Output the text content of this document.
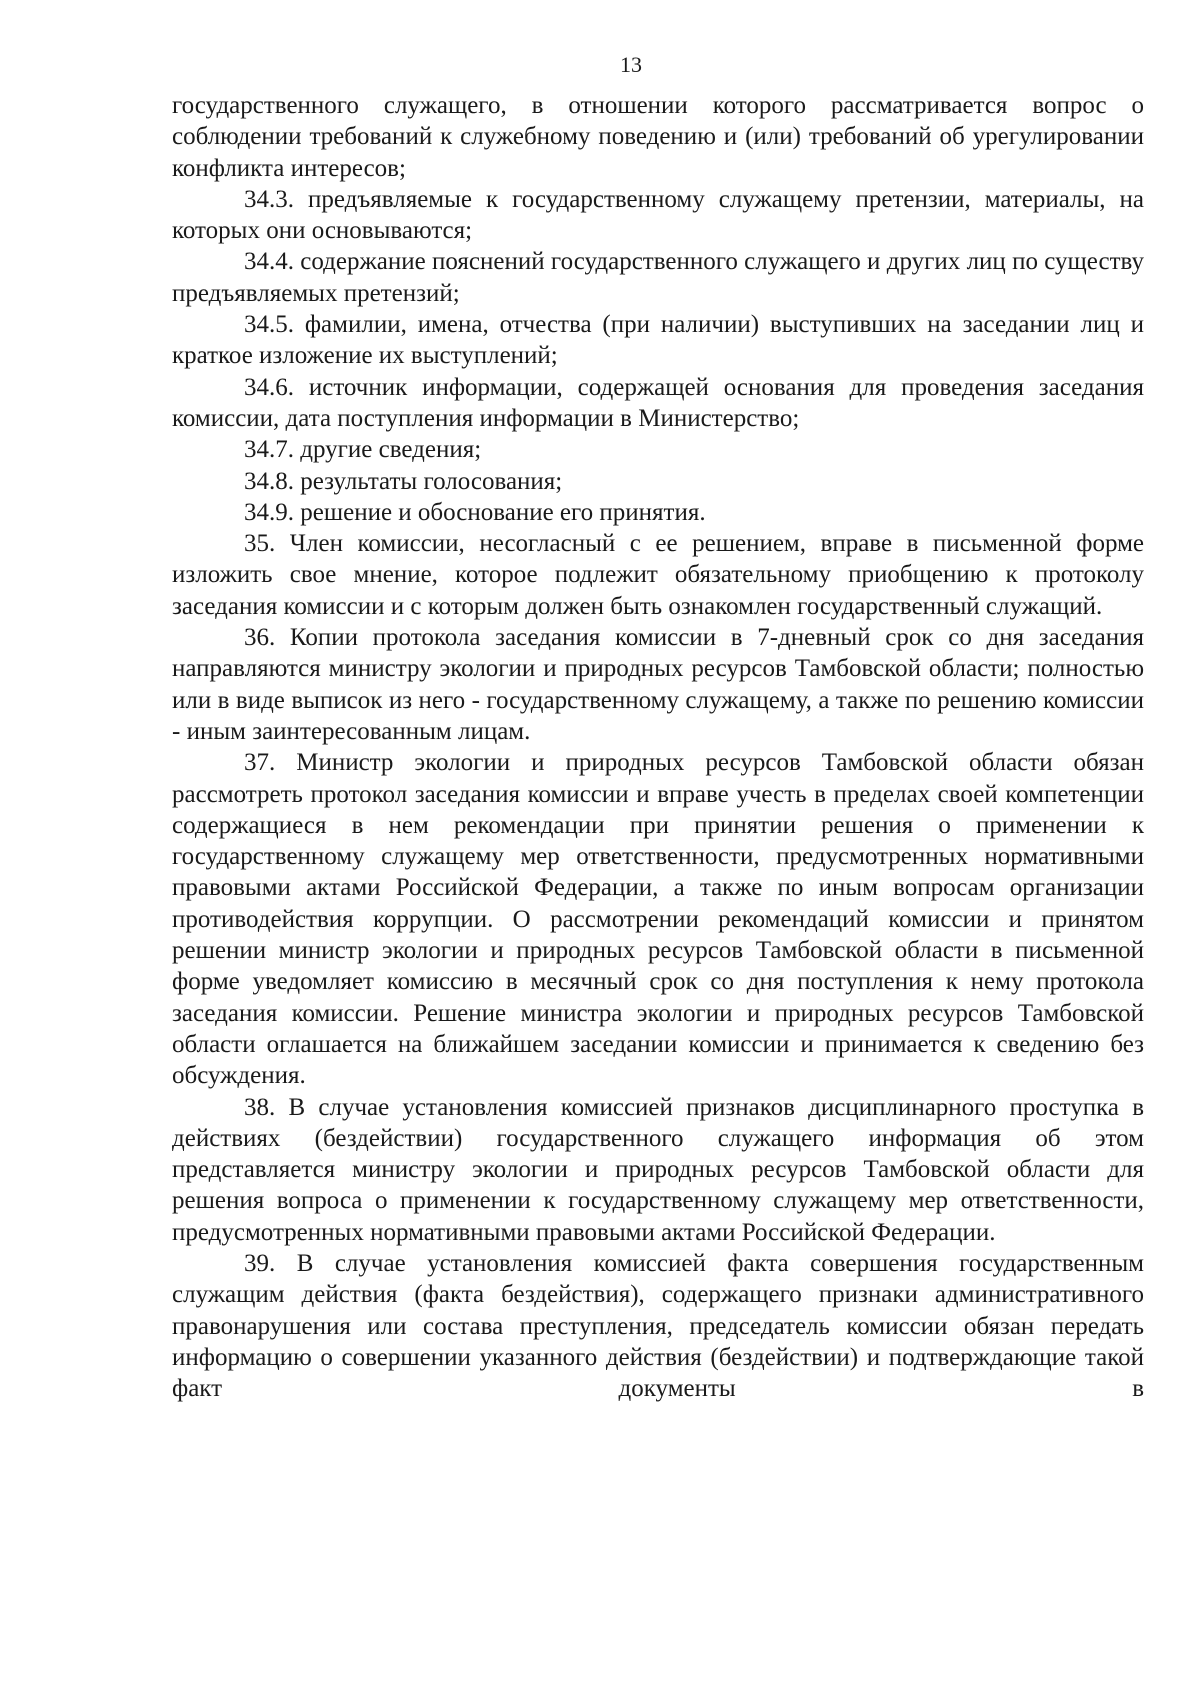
13

государственного служащего, в отношении которого рассматривается вопрос о соблюдении требований к служебному поведению и (или) требований об урегулировании конфликта интересов;

34.3. предъявляемые к государственному служащему претензии, материалы, на которых они основываются;

34.4. содержание пояснений государственного служащего и других лиц по существу предъявляемых претензий;

34.5. фамилии, имена, отчества (при наличии) выступивших на заседании лиц и краткое изложение их выступлений;

34.6. источник информации, содержащей основания для проведения заседания комиссии, дата поступления информации в Министерство;

34.7. другие сведения;

34.8. результаты голосования;

34.9. решение и обоснование его принятия.

35. Член комиссии, несогласный с ее решением, вправе в письменной форме изложить свое мнение, которое подлежит обязательному приобщению к протоколу заседания комиссии и с которым должен быть ознакомлен государственный служащий.

36. Копии протокола заседания комиссии в 7-дневный срок со дня заседания направляются министру экологии и природных ресурсов Тамбовской области; полностью или в виде выписок из него - государственному служащему, а также по решению комиссии - иным заинтересованным лицам.

37. Министр экологии и природных ресурсов Тамбовской области обязан рассмотреть протокол заседания комиссии и вправе учесть в пределах своей компетенции содержащиеся в нем рекомендации при принятии решения о применении к государственному служащему мер ответственности, предусмотренных нормативными правовыми актами Российской Федерации, а также по иным вопросам организации противодействия коррупции. О рассмотрении рекомендаций комиссии и принятом решении министр экологии и природных ресурсов Тамбовской области в письменной форме уведомляет комиссию в месячный срок со дня поступления к нему протокола заседания комиссии. Решение министра экологии и природных ресурсов Тамбовской области оглашается на ближайшем заседании комиссии и принимается к сведению без обсуждения.

38. В случае установления комиссией признаков дисциплинарного проступка в действиях (бездействии) государственного служащего информация об этом представляется министру экологии и природных ресурсов Тамбовской области для решения вопроса о применении к государственному служащему мер ответственности, предусмотренных нормативными правовыми актами Российской Федерации.

39. В случае установления комиссией факта совершения государственным служащим действия (факта бездействия), содержащего признаки административного правонарушения или состава преступления, председатель комиссии обязан передать информацию о совершении указанного действия (бездействии) и подтверждающие такой факт документы в
